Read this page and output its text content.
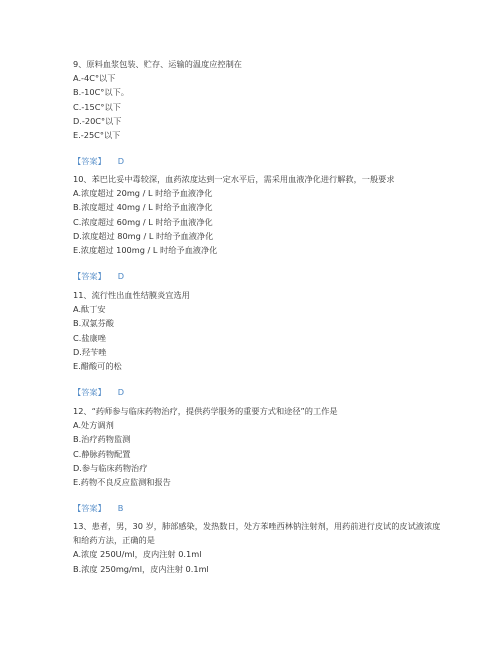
9、原料血浆包装、贮存、运输的温度应控制在
A.-4C°以下
B.-10C°以下。
C.-15C°以下
D.-20C°以下
E.-25C°以下
【答案】 D
10、苯巴比妥中毒较深，血药浓度达到一定水平后，需采用血液净化进行解救，一般要求
A.浓度超过 20mg / L 时给予血液净化
B.浓度超过 40mg / L 时给予血液净化
C.浓度超过 60mg / L 时给予血液净化
D.浓度超过 80mg / L 时给予血液净化
E.浓度超过 100mg / L 时给予血液净化
【答案】 D
11、流行性出血性结膜炎宜选用
A.酞丁安
B.双氯芬酸
C.盐康唑
D.羟苄唑
E.醋酸可的松
【答案】 D
12、“药师参与临床药物治疗，提供药学服务的重要方式和途径”的工作是
A.处方调剂
B.治疗药物监测
C.静脉药物配置
D.参与临床药物治疗
E.药物不良反应监测和报告
【答案】 B
13、患者，男，30 岁，肺部感染，发热数日，处方苯唑西林钠注射剂，用药前进行皮试的皮试液浓度和给药方法，正确的是
A.浓度 250U/ml，皮内注射 0.1ml
B.浓度 250mg/ml，皮内注射 0.1ml
